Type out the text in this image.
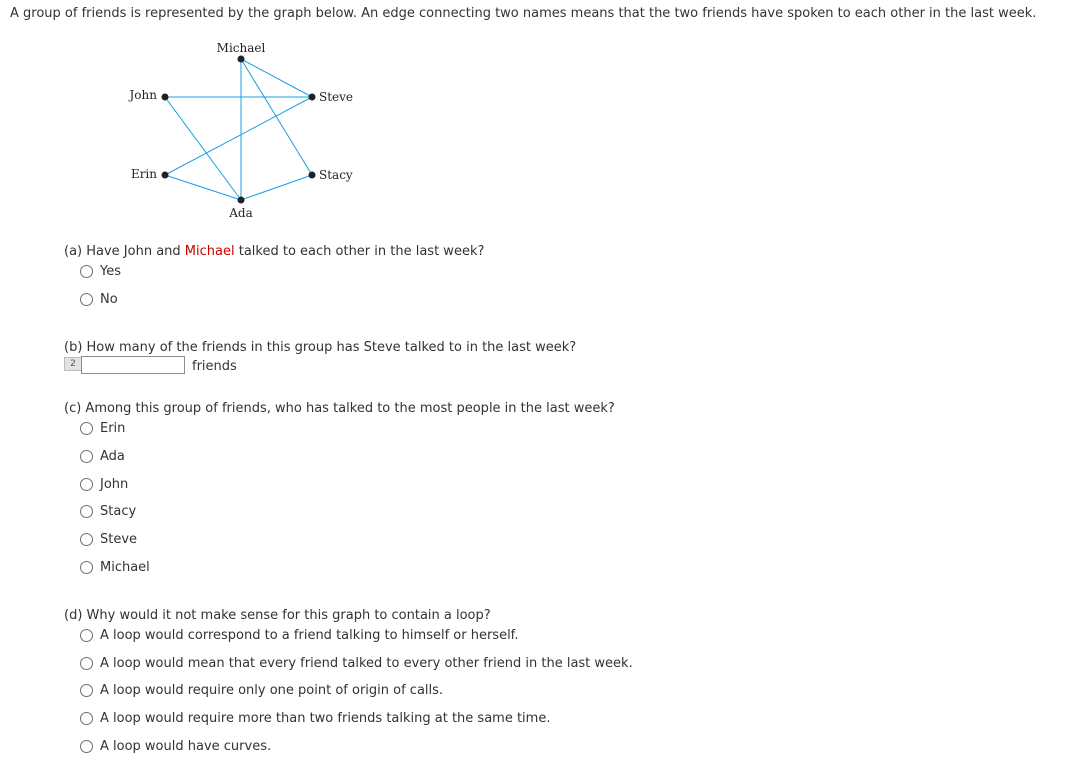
A group of friends is represented by the graph below. An edge connecting two names means that the two friends have spoken to each other in the last week.
Michael
John	Steve
Erin	Stacy
Ada
(a) Have John and Michael talked to each other in the last week?
Yes
No
(b) How many of the friends in this group has Steve talked to in the last week?
2	friends
(c) Among this group of friends, who has talked to the most people in the last week?
Erin
Ada
John
Stacy
Steve
Michael
(d) Why would it not make sense for this graph to contain a loop?
A loop would correspond to a friend talking to himself or herself.
A loop would mean that every friend talked to every other friend in the last week.
A loop would require only one point of origin of calls.
A loop would require more than two friends talking at the same time.
A loop would have curves.
